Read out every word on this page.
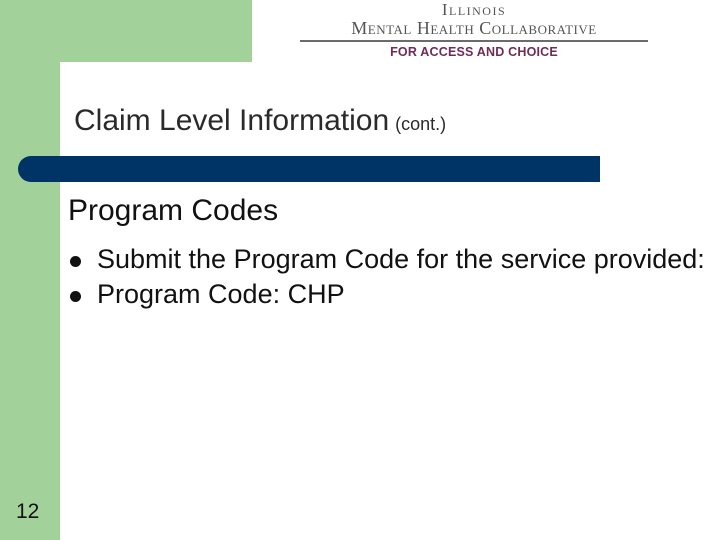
Illinois
Mental Health Collaborative
FOR ACCESS AND CHOICE
Claim Level Information (cont.)
Program Codes
Submit the Program Code for the service provided:
Program Code: CHP
12
